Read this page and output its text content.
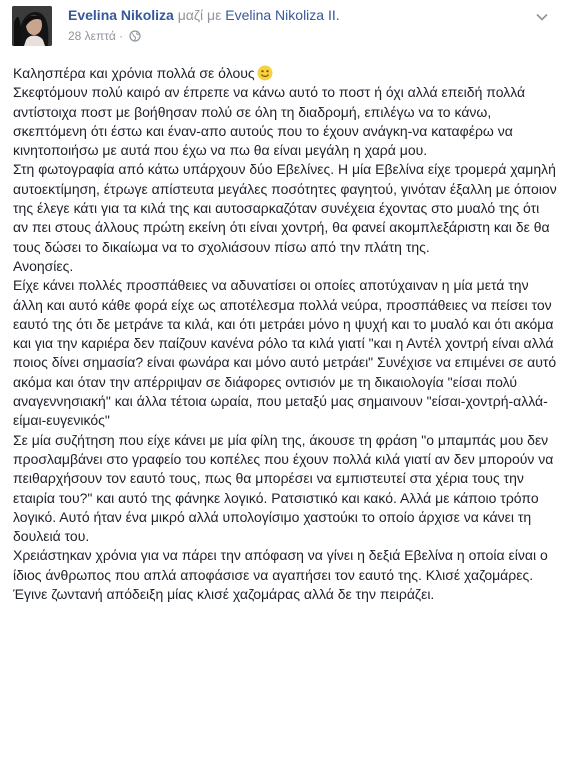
Evelina Nikoliza μαζί με Evelina Nikoliza II.
28 λεπτά ·

Καλησπέρα και χρόνια πολλά σε όλους

Σκεφτόμουν πολύ καιρό αν έπρεπε να κάνω αυτό το ποστ ή όχι αλλά επειδή πολλά αντίστοιχα ποστ με βοήθησαν πολύ σε όλη τη διαδρομή, επιλέγω να το κάνω, σκεπτόμενη ότι έστω και έναν-απο αυτούς που το έχουν ανάγκη-να καταφέρω να κινητοποιήσω με αυτά που έχω να πω θα είναι μεγάλη η χαρά μου.

Στη φωτογραφία από κάτω υπάρχουν δύο Εβελίνες. Η μία Εβελίνα είχε τρομερά χαμηλή αυτοεκτίμηση, έτρωγε απίστευτα μεγάλες ποσότητες φαγητού, γινόταν έξαλλη με όποιον της έλεγε κάτι για τα κιλά της και αυτοσαρκαζόταν συνέχεια έχοντας στο μυαλό της ότι αν πει στους άλλους πρώτη εκείνη ότι είναι χοντρή, θα φανεί ακομπλεξάριστη και δε θα τους δώσει το δικαίωμα να το σχολιάσουν πίσω από την πλάτη της.

Ανοησίες.

Είχε κάνει πολλές προσπάθειες να αδυνατίσει οι οποίες αποτύχαιναν η μία μετά την άλλη και αυτό κάθε φορά είχε ως αποτέλεσμα πολλά νεύρα, προσπάθειες να πείσει τον εαυτό της ότι δε μετράνε τα κιλά, και ότι μετράει μόνο η ψυχή και το μυαλό και ότι ακόμα και για την καριέρα δεν παίζουν κανένα ρόλο τα κιλά γιατί "και η Αντέλ χοντρή είναι αλλά ποιος δίνει σημασία? είναι φωνάρα και μόνο αυτό μετράει" Συνέχισε να επιμένει σε αυτό ακόμα και όταν την απέρριψαν σε διάφορες οντισιόν με τη δικαιολογία "είσαι πολύ αναγεννησιακή" και άλλα τέτοια ωραία, που μεταξύ μας σημαινουν "είσαι-χοντρή-αλλά-είμαι-ευγενικός"

Σε μία συζήτηση που είχε κάνει με μία φίλη της, άκουσε τη φράση "ο μπαμπάς μου δεν προσλαμβάνει στο γραφείο του κοπέλες που έχουν πολλά κιλά γιατί αν δεν μπορούν να πειθαρχήσουν τον εαυτό τους, πως θα μπορέσει να εμπιστευτεί στα χέρια τους την εταιρία του?" και αυτό της φάνηκε λογικό. Ρατσιστικό και κακό. Αλλά με κάποιο τρόπο λογικό. Αυτό ήταν ένα μικρό αλλά υπολογίσιμο χαστούκι το οποίο άρχισε να κάνει τη δουλειά του.

Χρειάστηκαν χρόνια για να πάρει την απόφαση να γίνει η δεξιά Εβελίνα η οποία είναι ο ίδιος άνθρωπος που απλά αποφάσισε να αγαπήσει τον εαυτό της. Κλισέ χαζομάρες. Έγινε ζωντανή απόδειξη μίας κλισέ χαζομάρας αλλά δε την πειράζει.
